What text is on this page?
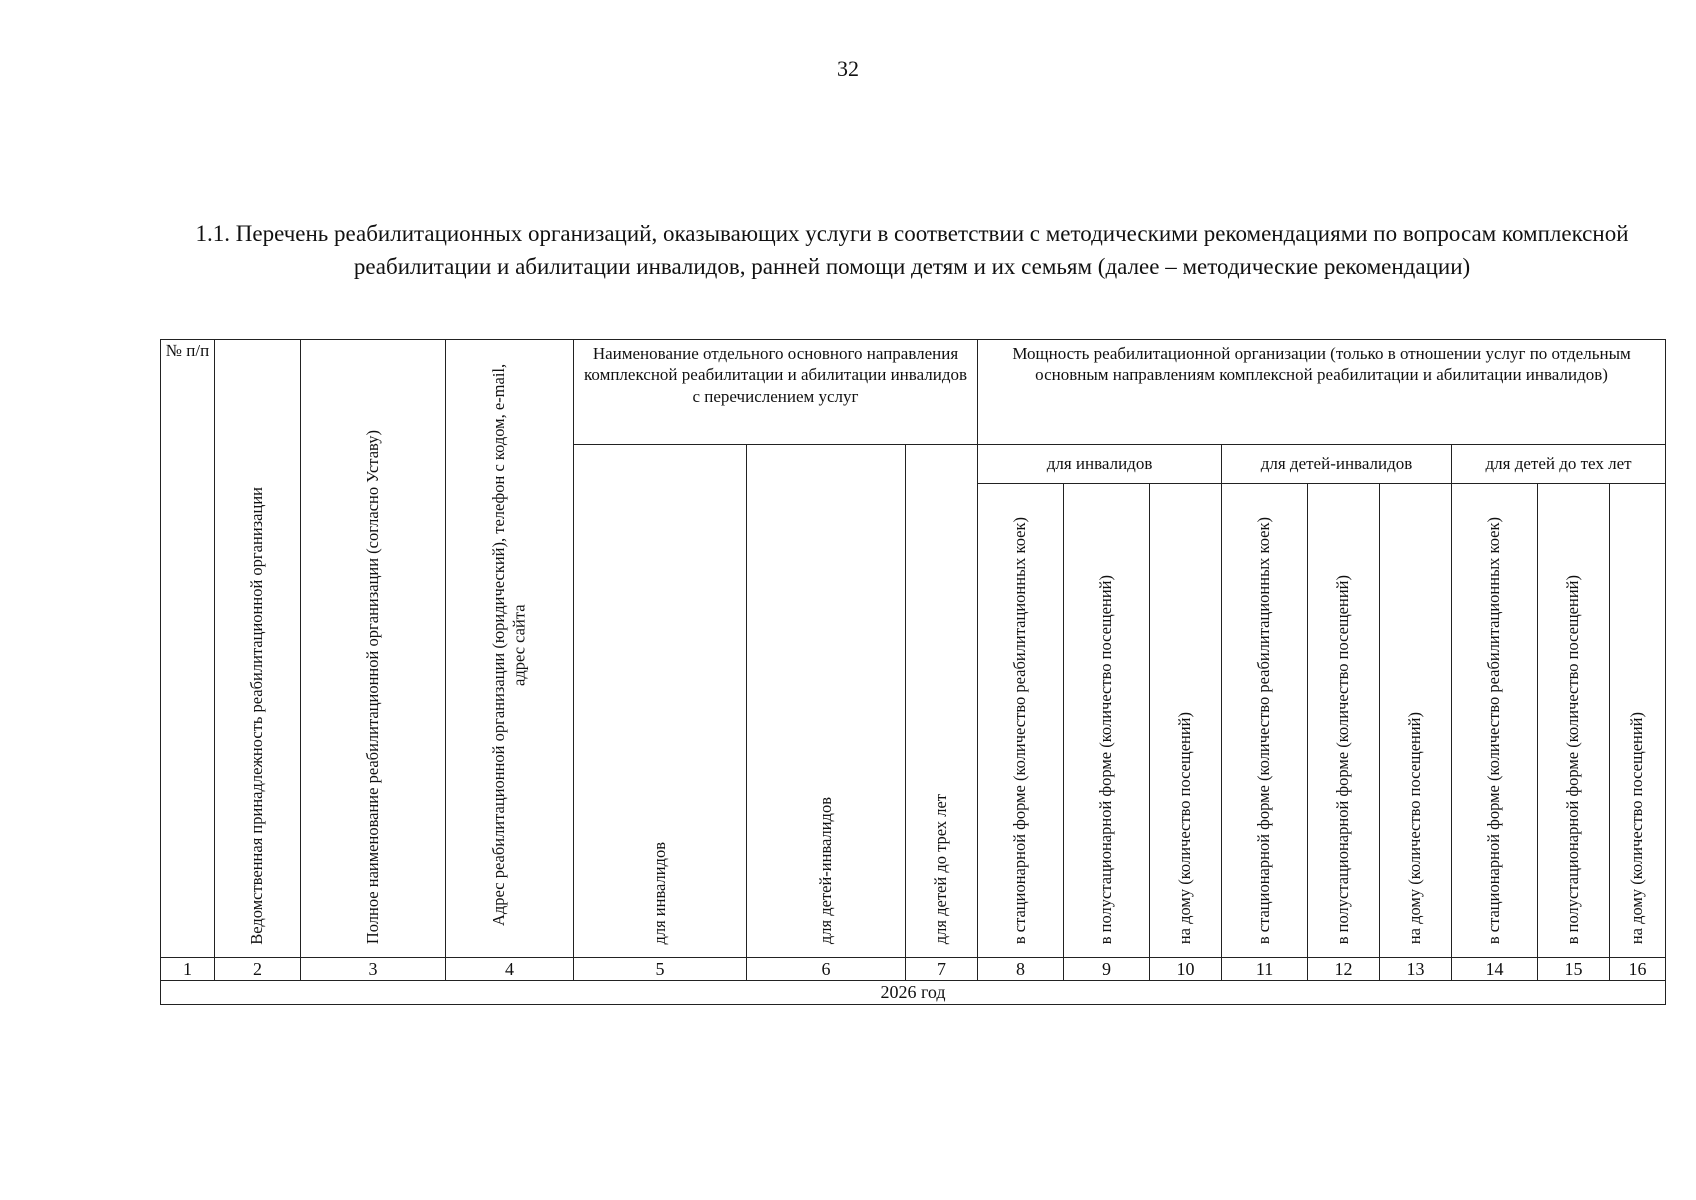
32
1.1. Перечень реабилитационных организаций, оказывающих услуги в соответствии с методическими рекомендациями по вопросам комплексной реабилитации и абилитации инвалидов, ранней помощи детям и их семьям (далее – методические рекомендации)
№ п/п	Ведомственная принадлежность реабилитационной организации	Полное наименование реабилитационной организации (согласно Уставу)	Адрес реабилитационной организации (юридический), телефон с кодом, e-mail, адрес сайта	Наименование отдельного основного направления комплексной реабилитации и абилитации инвалидов с перечислением услуг			Мощность реабилитационной организации (только в отношении услуг по отдельным основным направлениям комплексной реабилитации и абилитации инвалидов)								

				для инвалидов	для детей-инвалидов	для детей до трех лет	для инвалидов			для детей-инвалидов			для детей до тех лет		

							в стационарной форме (количество реабилитационных коек)	в полустационарной форме (количество посещений)	на дому (количество посещений)	в стационарной форме (количество реабилитационных коек)	в полустационарной форме (количество посещений)	на дому (количество посещений)	в стационарной форме (количество реабилитационных коек)	в полустационарной форме (количество посещений)	на дому (количество посещений)

1	2	3	4	5	6	7	8	9	10	11	12	13	14	15	16
2026 год															
